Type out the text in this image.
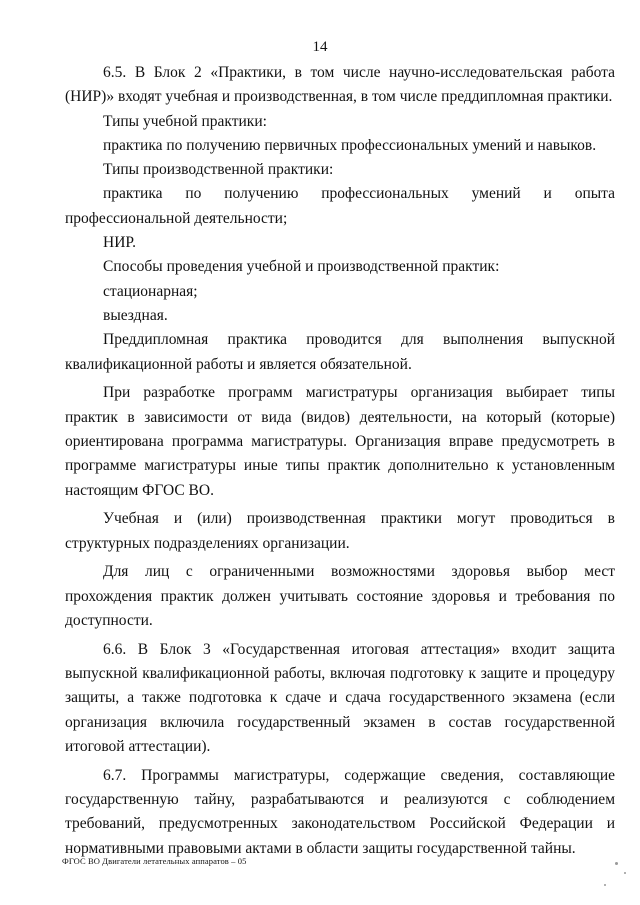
14

6.5. В Блок 2 «Практики, в том числе научно-исследовательская работа (НИР)» входят учебная и производственная, в том числе преддипломная практики.

Типы учебной практики:

практика по получению первичных профессиональных умений и навыков.

Типы производственной практики:

практика по получению профессиональных умений и опыта профессиональной деятельности;

НИР.

Способы проведения учебной и производственной практик:

стационарная;

выездная.

Преддипломная практика проводится для выполнения выпускной квалификационной работы и является обязательной.

При разработке программ магистратуры организация выбирает типы практик в зависимости от вида (видов) деятельности, на который (которые) ориентирована программа магистратуры. Организация вправе предусмотреть в программе магистратуры иные типы практик дополнительно к установленным настоящим ФГОС ВО.

Учебная и (или) производственная практики могут проводиться в структурных подразделениях организации.

Для лиц с ограниченными возможностями здоровья выбор мест прохождения практик должен учитывать состояние здоровья и требования по доступности.

6.6. В Блок 3 «Государственная итоговая аттестация» входит защита выпускной квалификационной работы, включая подготовку к защите и процедуру защиты, а также подготовка к сдаче и сдача государственного экзамена (если организация включила государственный экзамен в состав государственной итоговой аттестации).

6.7. Программы магистратуры, содержащие сведения, составляющие государственную тайну, разрабатываются и реализуются с соблюдением требований, предусмотренных законодательством Российской Федерации и нормативными правовыми актами в области защиты государственной тайны.

ФГОС ВО Двигатели летательных аппаратов – 05
